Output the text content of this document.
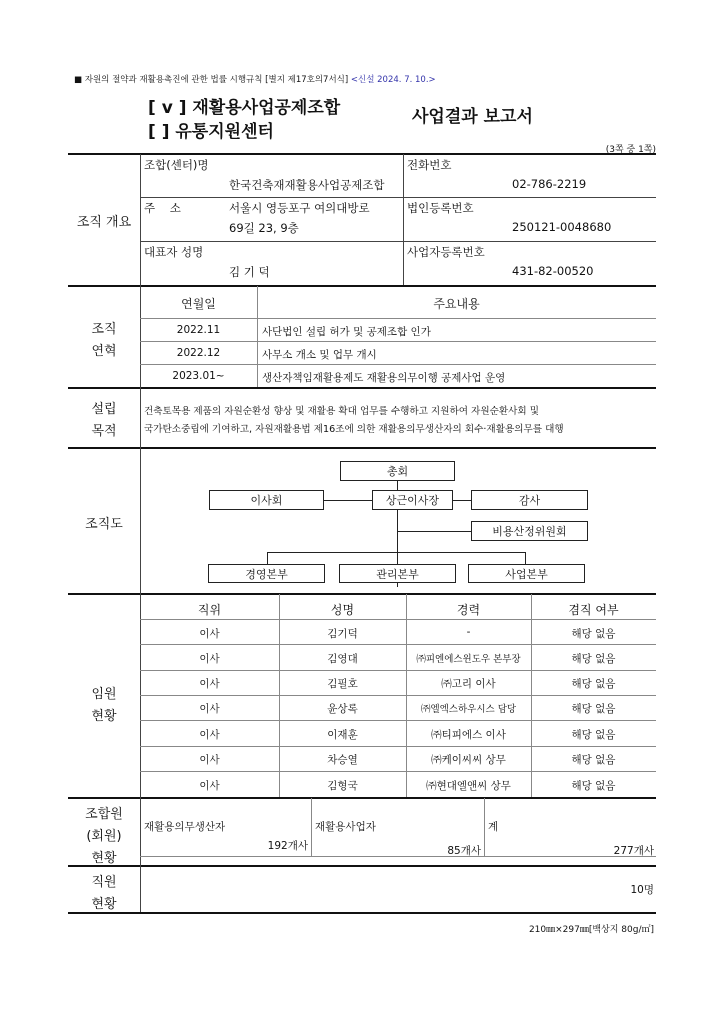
■ 자원의 절약과 재활용촉진에 관한 법률 시행규칙 [별지 제17호의7서식] <신설 2024. 7. 10.>
[ v ] 재활용사업공제조합
[ ] 유통지원센터
사업결과 보고서
(3쪽 중 1쪽)
조직 개요
조합(센터)명
한국건축재재활용사업공제조합
전화번호
02-786-2219
주    소	서울시 영등포구 여의대방로
69길 23, 9층
법인등록번호
250121-0048680
대표자 성명
김 기 덕
사업자등록번호
431-82-00520
조직
연혁
연월일	주요내용
2022.11	사단법인 설립 허가 및 공제조합 인가
2022.12	사무소 개소 및 업무 개시
2023.01~	생산자책임재활용제도 재활용의무이행 공제사업 운영
설립
목적
건축토목용 제품의 자원순환성 향상 및 재활용 확대 업무를 수행하고 지원하여 자원순환사회 및
국가탄소중립에 기여하고, 자원재활용법 제16조에 의한 재활용의무생산자의 회수·재활용의무를 대행
조직도
총회
이사회	상근이사장	감사
비용산정위원회
경영본부	관리본부	사업본부
임원
현황
직위	성명	경력	겸직 여부
이사	김기덕	-	해당 없음
이사	김영대	㈜피엔에스윈도우 본부장	해당 없음
이사	김필호	㈜고리 이사	해당 없음
이사	윤상록	㈜엘엑스하우시스 담당	해당 없음
이사	이재훈	㈜티피에스 이사	해당 없음
이사	차승열	㈜케이씨씨 상무	해당 없음
이사	김형국	㈜현대엘앤씨 상무	해당 없음
조합원
(회원)
현황
재활용의무생산자
192개사
재활용사업자
85개사
계
277개사
직원
현황
10명
210㎜×297㎜[백상지 80g/㎡]
